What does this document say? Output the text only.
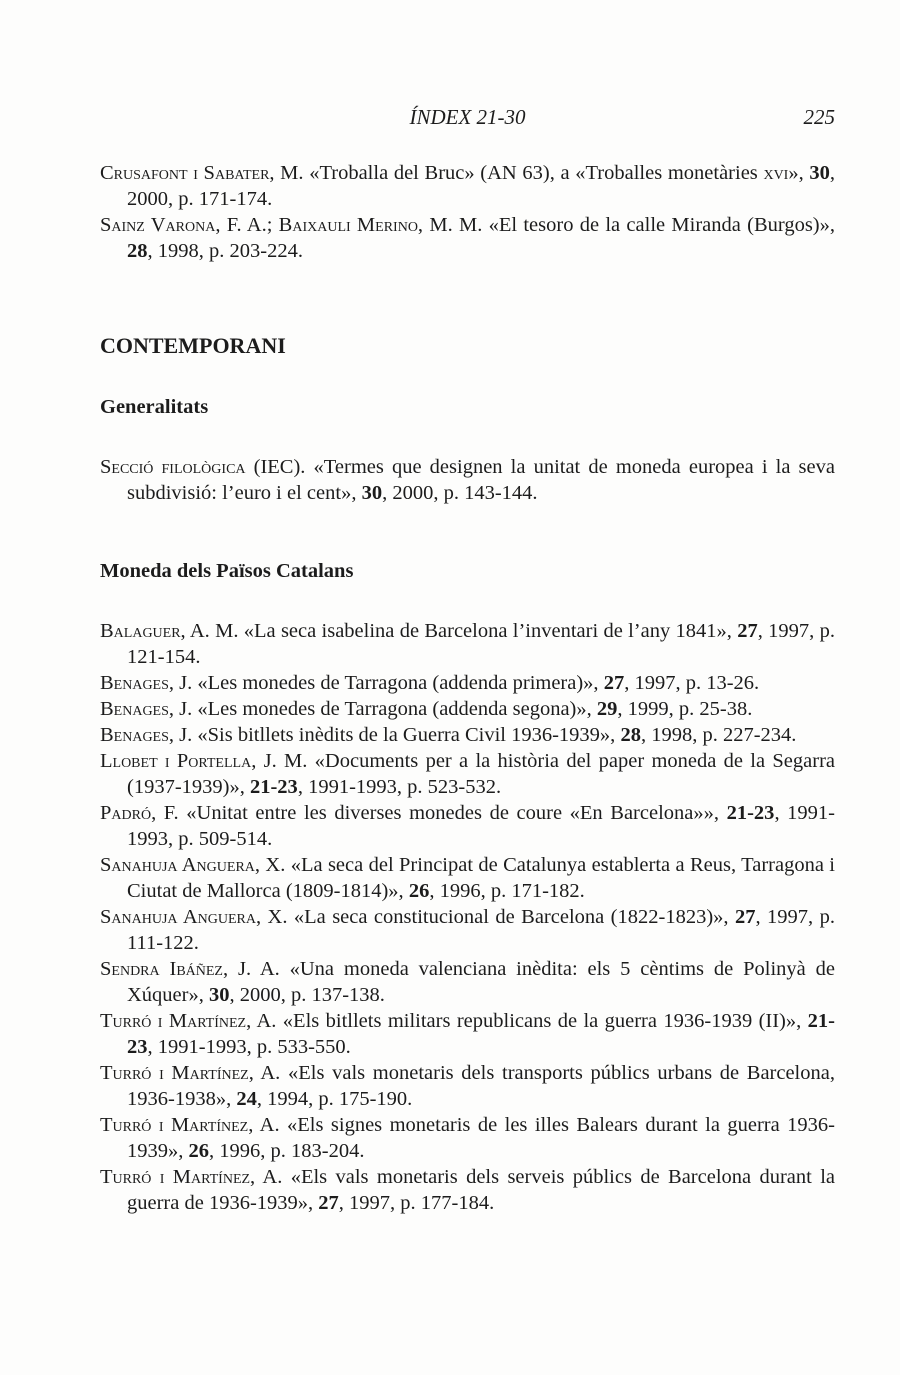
ÍNDEX 21-30	225

Crusafont i Sabater, M. «Troballa del Bruc» (AN 63), a «Troballes monetàries xvi», 30, 2000, p. 171-174.

Sainz Varona, F. A.; Baixauli Merino, M. M. «El tesoro de la calle Miranda (Burgos)», 28, 1998, p. 203-224.

CONTEMPORANI
Generalitats

Secció filològica (IEC). «Termes que designen la unitat de moneda europea i la seva subdivisió: l’euro i el cent», 30, 2000, p. 143-144.

Moneda dels Països Catalans

Balaguer, A. M. «La seca isabelina de Barcelona l’inventari de l’any 1841», 27, 1997, p. 121-154.

Benages, J. «Les monedes de Tarragona (addenda primera)», 27, 1997, p. 13-26.

Benages, J. «Les monedes de Tarragona (addenda segona)», 29, 1999, p. 25-38.

Benages, J. «Sis bitllets inèdits de la Guerra Civil 1936-1939», 28, 1998, p. 227-234.

Llobet i Portella, J. M. «Documents per a la història del paper moneda de la Segarra (1937-1939)», 21-23, 1991-1993, p. 523-532.

Padró, F. «Unitat entre les diverses monedes de coure «En Barcelona»», 21-23, 1991-1993, p. 509-514.

Sanahuja Anguera, X. «La seca del Principat de Catalunya establerta a Reus, Tarragona i Ciutat de Mallorca (1809-1814)», 26, 1996, p. 171-182.

Sanahuja Anguera, X. «La seca constitucional de Barcelona (1822-1823)», 27, 1997, p. 111-122.

Sendra Ibáñez, J. A. «Una moneda valenciana inèdita: els 5 cèntims de Polinyà de Xúquer», 30, 2000, p. 137-138.

Turró i Martínez, A. «Els bitllets militars republicans de la guerra 1936-1939 (II)», 21-23, 1991-1993, p. 533-550.

Turró i Martínez, A. «Els vals monetaris dels transports públics urbans de Barcelona, 1936-1938», 24, 1994, p. 175-190.

Turró i Martínez, A. «Els signes monetaris de les illes Balears durant la guerra 1936-1939», 26, 1996, p. 183-204.

Turró i Martínez, A. «Els vals monetaris dels serveis públics de Barcelona durant la guerra de 1936-1939», 27, 1997, p. 177-184.
